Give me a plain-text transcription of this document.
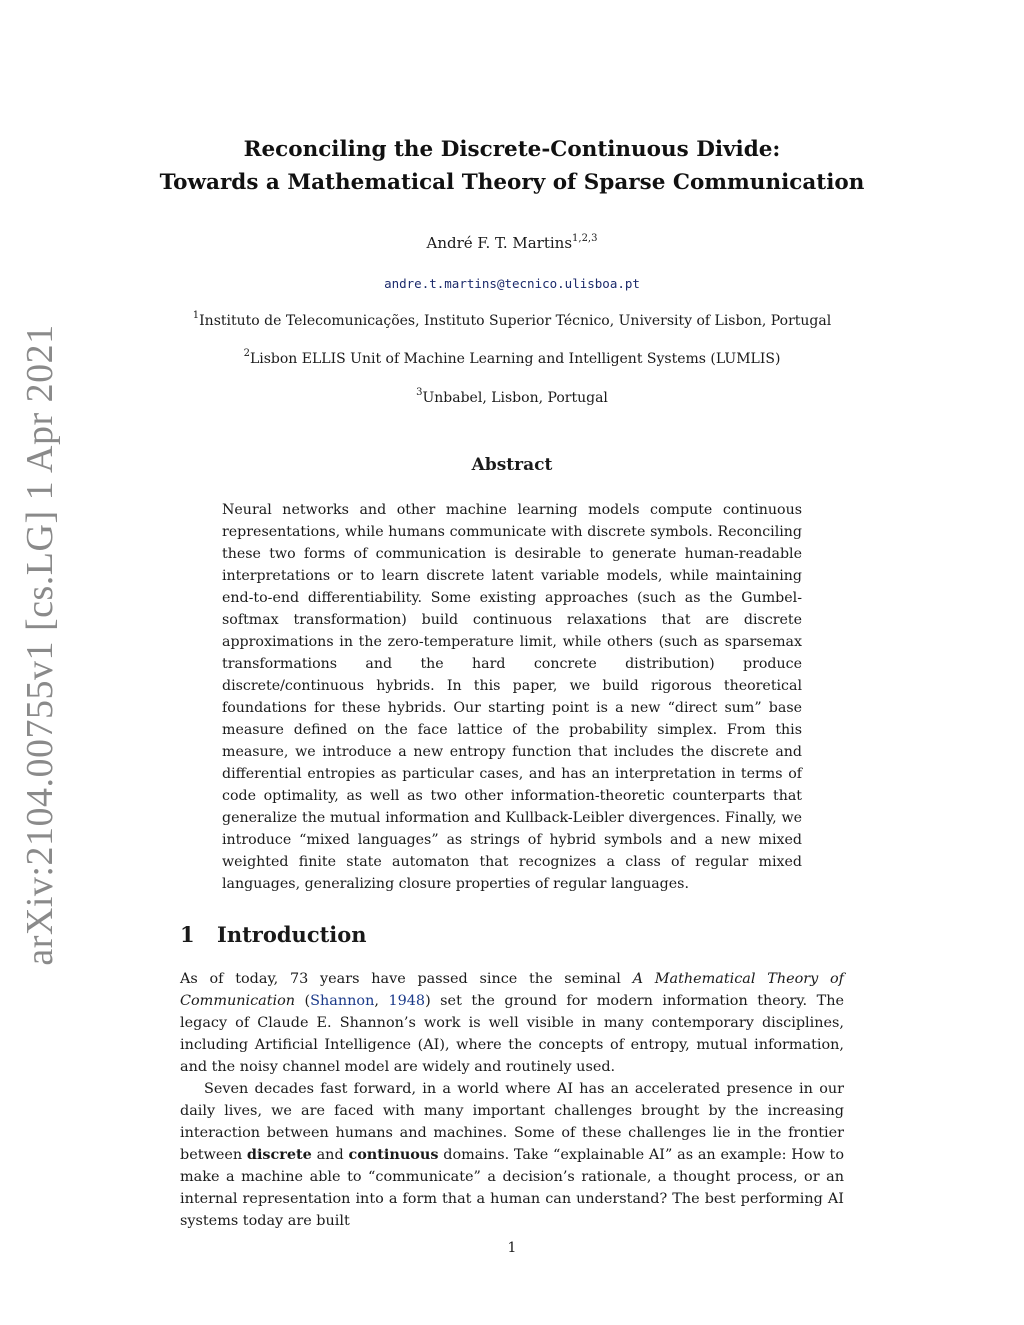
arXiv:2104.00755v1 [cs.LG] 1 Apr 2021
Reconciling the Discrete-Continuous Divide:
Towards a Mathematical Theory of Sparse Communication
André F. T. Martins$^{1,2,3}$
andre.t.martins@tecnico.ulisboa.pt
$^1$Instituto de Telecomunicações, Instituto Superior Técnico, University of Lisbon, Portugal
$^2$Lisbon ELLIS Unit of Machine Learning and Intelligent Systems (LUMLIS)
$^3$Unbabel, Lisbon, Portugal
Abstract
Neural networks and other machine learning models compute continuous representations, while humans communicate with discrete symbols. Reconciling these two forms of communication is desirable to generate human-readable interpretations or to learn discrete latent variable models, while maintaining end-to-end differentiability. Some existing approaches (such as the Gumbel-softmax transformation) build continuous relaxations that are discrete approximations in the zero-temperature limit, while others (such as sparsemax transformations and the hard concrete distribution) produce discrete/continuous hybrids. In this paper, we build rigorous theoretical foundations for these hybrids. Our starting point is a new “direct sum” base measure defined on the face lattice of the probability simplex. From this measure, we introduce a new entropy function that includes the discrete and differential entropies as particular cases, and has an interpretation in terms of code optimality, as well as two other information-theoretic counterparts that generalize the mutual information and Kullback-Leibler divergences. Finally, we introduce “mixed languages” as strings of hybrid symbols and a new mixed weighted finite state automaton that recognizes a class of regular mixed languages, generalizing closure properties of regular languages.
1 Introduction

As of today, 73 years have passed since the seminal A Mathematical Theory of Communication (Shannon, 1948) set the ground for modern information theory. The legacy of Claude E. Shannon’s work is well visible in many contemporary disciplines, including Artificial Intelligence (AI), where the concepts of entropy, mutual information, and the noisy channel model are widely and routinely used.

Seven decades fast forward, in a world where AI has an accelerated presence in our daily lives, we are faced with many important challenges brought by the increasing interaction between humans and machines. Some of these challenges lie in the frontier between discrete and continuous domains. Take “explainable AI” as an example: How to make a machine able to “communicate” a decision’s rationale, a thought process, or an internal representation into a form that a human can understand? The best performing AI systems today are built

1
